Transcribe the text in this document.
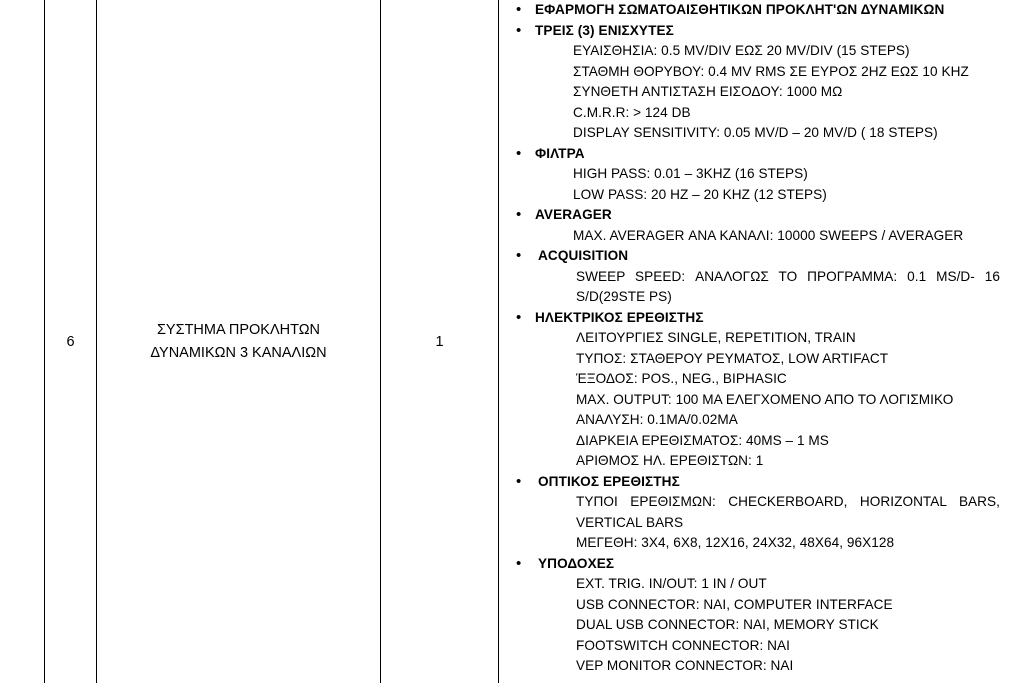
6
ΣΥΣΤΗΜΑ ΠΡΟΚΛΗΤΩΝ
ΔΥΝΑΜΙΚΩΝ 3 ΚΑΝΑΛΙΩΝ
1
• ΕΦΑΡΜΟΓΗ ΣΩΜΑΤΟΑΙΣΘΗΤΙΚΩΝ ΠΡΟΚΛΗΤ'ΩΝ ΔΥΝΑΜΙΚΩΝ
• ΤΡΕΙΣ (3) ΕΝΙΣΧΥΤΕΣ
ΕΥΑΙΣΘΗΣΙΑ: 0.5 MV/DIV ΕΩΣ 20 MV/DIV (15 STEPS)
ΣΤΑΘΜΗ ΘΟΡΥΒΟΥ: 0.4 MV RMS ΣΕ ΕΥΡΟΣ 2ΗΖ ΕΩΣ 10 ΚΗΖ
ΣΥΝΘΕΤΗ ΑΝΤΙΣΤΑΣΗ ΕΙΣΟΔΟΥ: 1000 ΜΩ
C.M.R.R: > 124 DB
DISPLAY SENSITIVITY: 0.05 MV/D – 20 MV/D ( 18 STEPS)
• ΦΙΛΤΡΑ
HIGH PASS: 0.01 – 3KHZ (16 STEPS)
LOW PASS: 20 HZ – 20 KHZ (12 STEPS)
• AVERAGER
MAX. AVERAGER ΑΝΑ ΚΑΝΑΛΙ: 10000 SWEEPS / AVERAGER
• ACQUISITION
SWEEP SPEED: ΑΝΑΛΟΓΩΣ ΤΟ ΠΡΟΓΡΑΜΜΑ: 0.1 MS/D- 16 S/D(29STE PS)
• ΗΛΕΚΤΡΙΚΟΣ ΕΡΕΘΙΣΤΗΣ
ΛΕΙΤΟΥΡΓΙΕΣ SINGLE, REPETITION, TRAIN
ΤΥΠΟΣ: ΣΤΑΘΕΡΟΥ ΡΕΥΜΑΤΟΣ, LOW ARTIFACT
ΈΞΟΔΟΣ: POS., NEG., BIPHASIC
MAX. OUTPUT: 100 MA ΕΛΕΓΧΟΜΕΝΟ ΑΠΟ ΤΟ ΛΟΓΙΣΜΙΚΟ
ΑΝΑΛΥΣΗ: 0.1MA/0.02MA
ΔΙΑΡΚΕΙΑ ΕΡΕΘΙΣΜΑΤΟΣ: 40MS – 1 MS
ΑΡΙΘΜΟΣ ΗΛ. ΕΡΕΘΙΣΤΩΝ: 1
• ΟΠΤΙΚΟΣ ΕΡΕΘΙΣΤΗΣ
ΤΥΠΟΙ ΕΡΕΘΙΣΜΩΝ: CHECKERBOARD, HORIZONTAL BARS, VERTICAL BARS
ΜΕΓΕΘΗ: 3X4, 6X8, 12X16, 24X32, 48X64, 96X128
• ΥΠΟΔΟΧΕΣ
EXT. TRIG. IN/OUT: 1 IN / OUT
USB CONNECTOR: ΝΑΙ, COMPUTER INTERFACE
DUAL USB CONNECTOR: ΝΑΙ, MEMORY STICK
FOOTSWITCH CONNECTOR: ΝΑΙ
VEP MONITOR CONNECTOR: ΝΑΙ
